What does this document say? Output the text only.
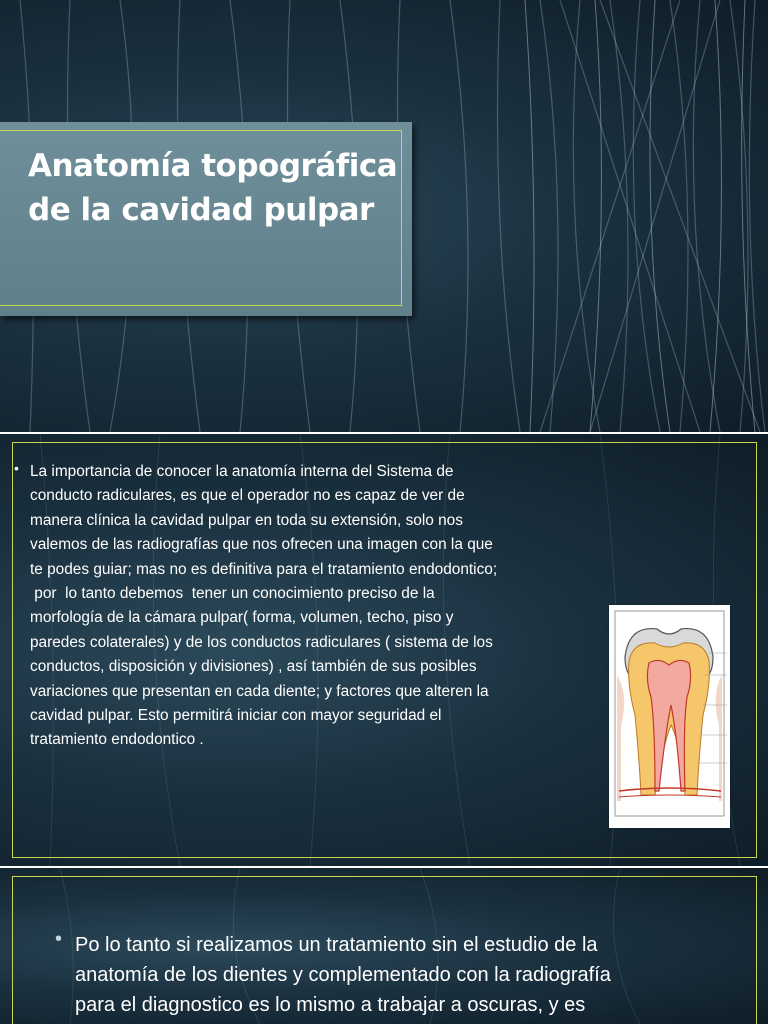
Anatomía topográfica
de la cavidad pulpar
• La importancia de conocer la anatomía interna del Sistema de
conducto radiculares, es que el operador no es capaz de ver de
manera clínica la cavidad pulpar en toda su extensión, solo nos
valemos de las radiografías que nos ofrecen una imagen con la que
te podes guiar; mas no es definitiva para el tratamiento endodontico;
por  lo tanto debemos  tener un conocimiento preciso de la
morfología de la cámara pulpar( forma, volumen, techo, piso y
paredes colaterales) y de los conductos radiculares ( sistema de los
conductos, disposición y divisiones) , así también de sus posibles
variaciones que presentan en cada diente; y factores que alteren la
cavidad pulpar. Esto permitirá iniciar con mayor seguridad el
tratamiento endodontico .
• Po lo tanto si realizamos un tratamiento sin el estudio de la
anatomía de los dientes y complementado con la radiografía
para el diagnostico es lo mismo a trabajar a oscuras, y es
